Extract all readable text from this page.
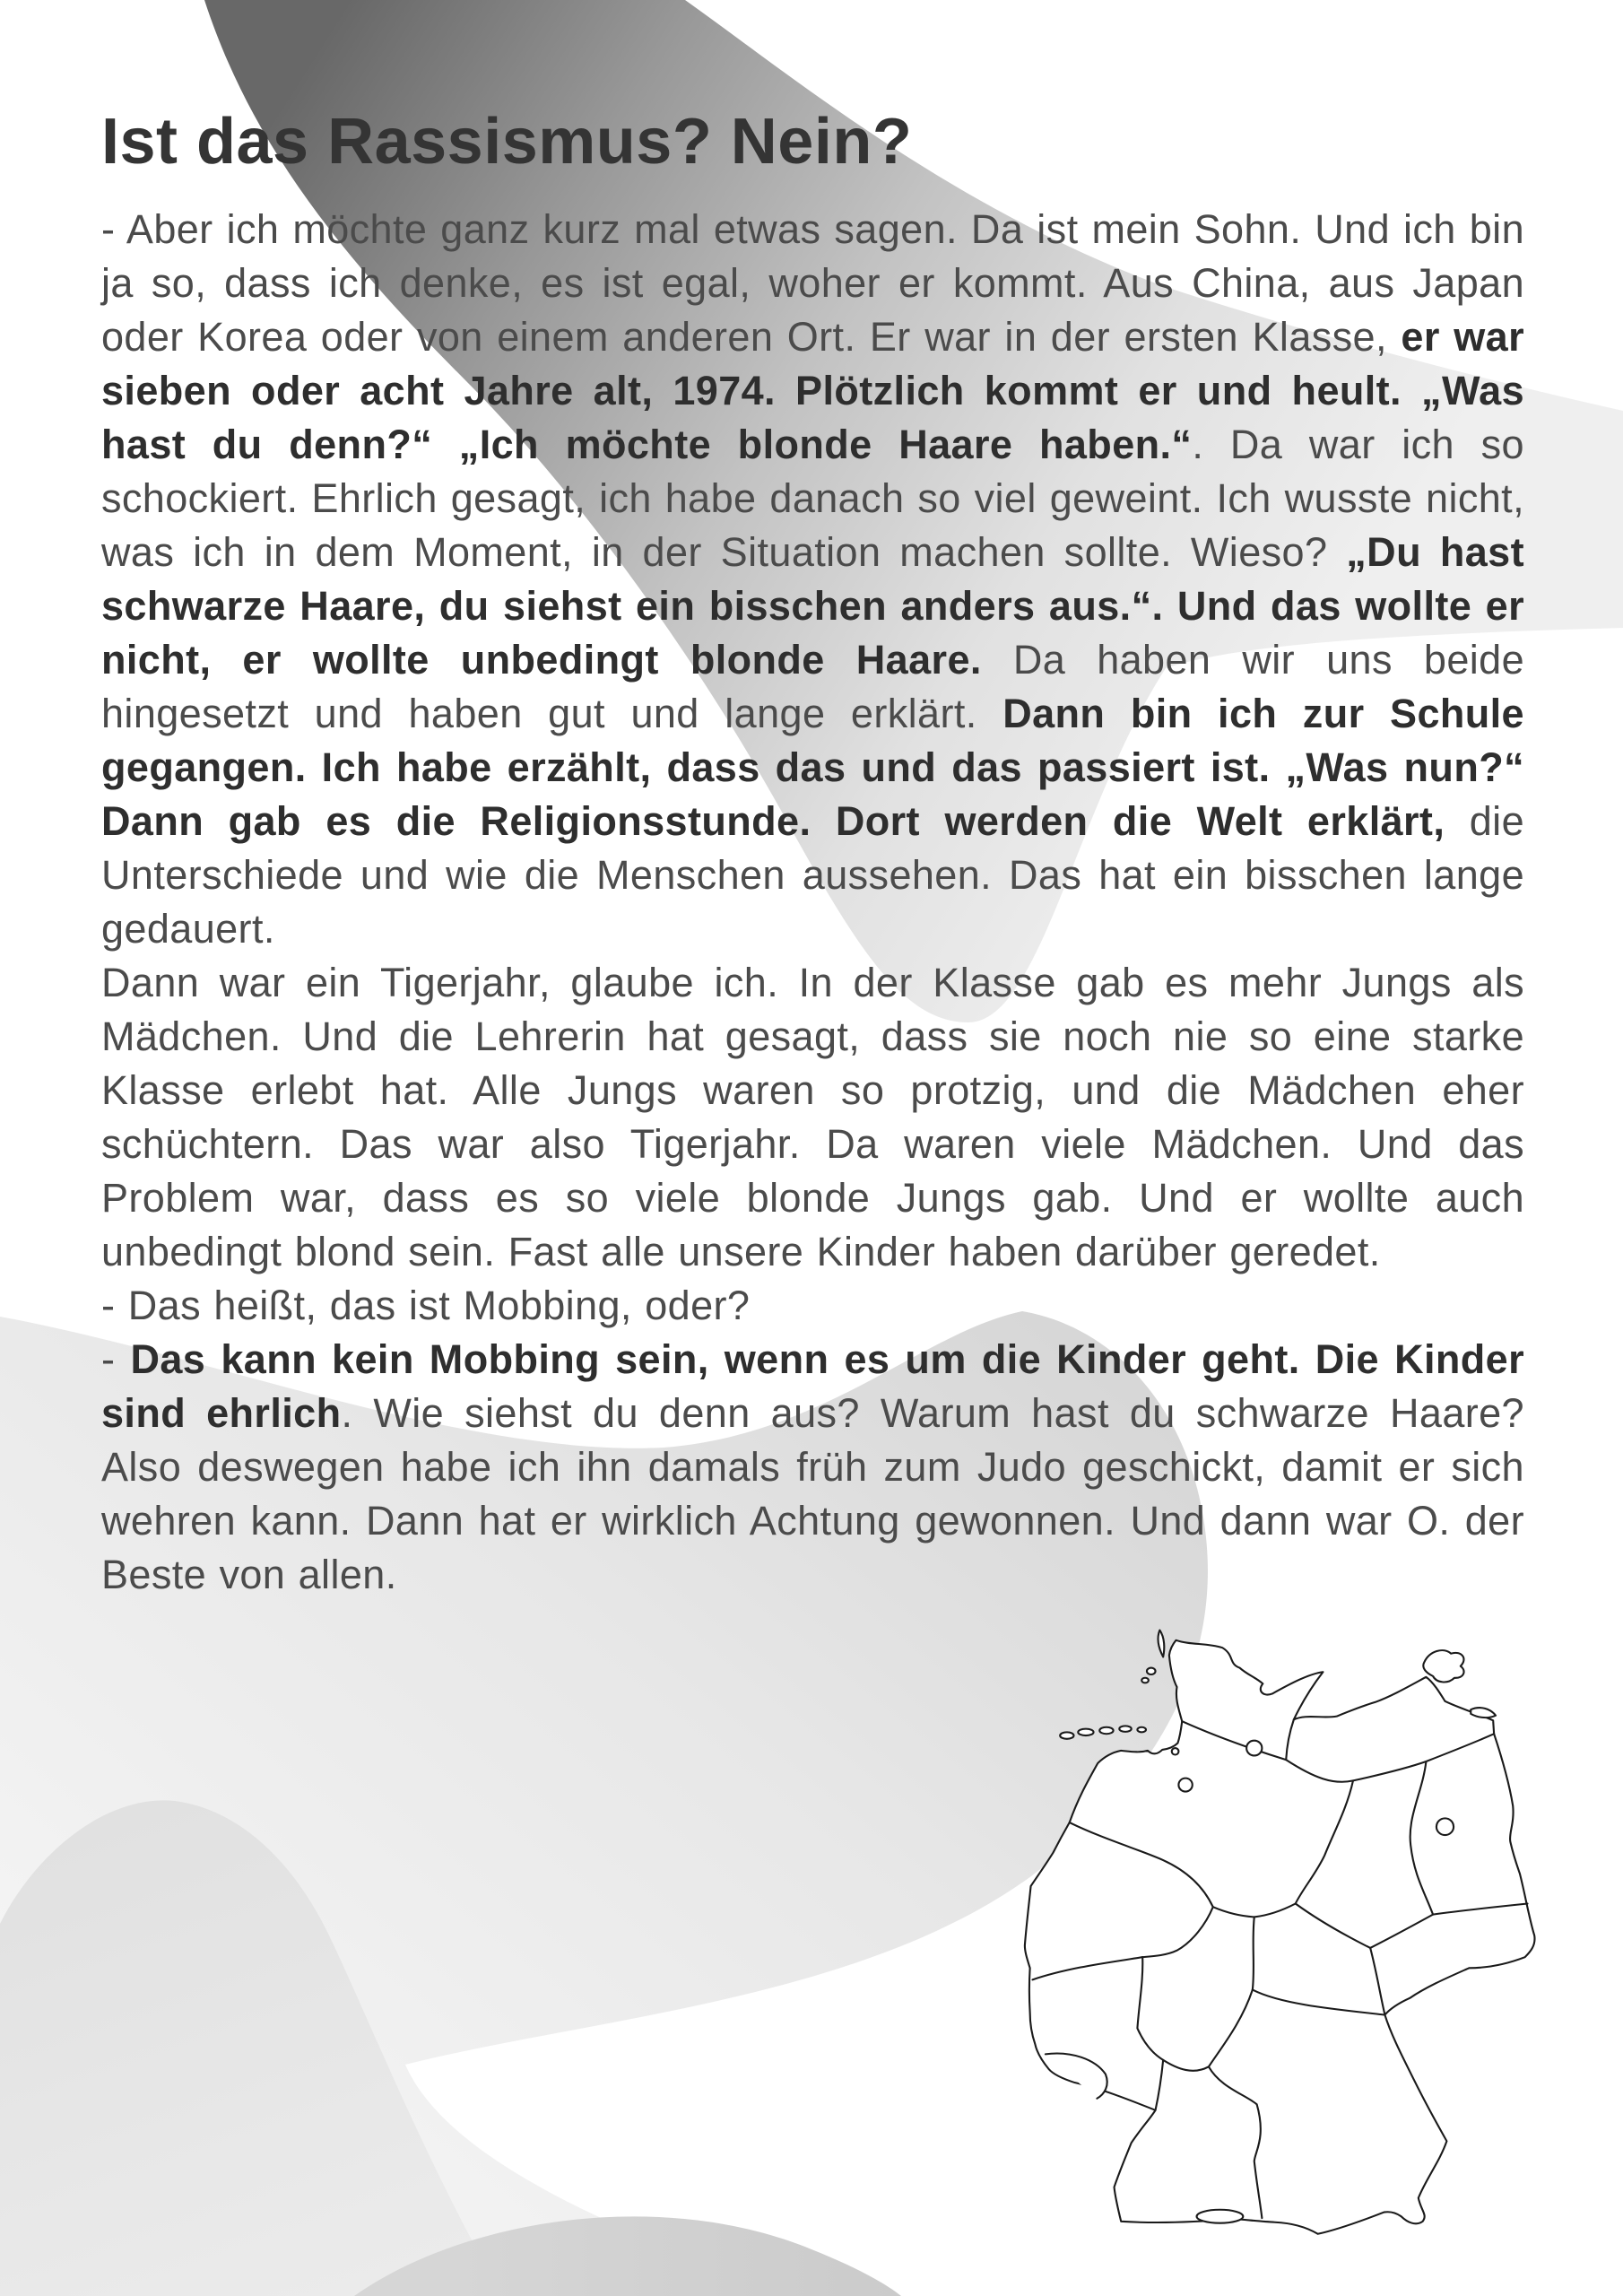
Ist das Rassismus? Nein?

- Aber ich möchte ganz kurz mal etwas sagen. Da ist mein Sohn. Und ich bin ja so, dass ich denke, es ist egal, woher er kommt. Aus China, aus Japan oder Korea oder von einem anderen Ort. Er war in der ersten Klasse, er war sieben oder acht Jahre alt, 1974. Plötzlich kommt er und heult. „Was hast du denn?“ „Ich möchte blonde Haare haben.“. Da war ich so schockiert. Ehrlich gesagt, ich habe danach so viel geweint. Ich wusste nicht, was ich in dem Moment, in der Situation machen sollte. Wieso? „Du hast schwarze Haare, du siehst ein bisschen anders aus.“. Und das wollte er nicht, er wollte unbedingt blonde Haare. Da haben wir uns beide hingesetzt und haben gut und lange erklärt. Dann bin ich zur Schule gegangen. Ich habe erzählt, dass das und das passiert ist. „Was nun?“ Dann gab es die Religionsstunde. Dort werden die Welt erklärt, die Unterschiede und wie die Menschen aussehen. Das hat ein bisschen lange gedauert.

Dann war ein Tigerjahr, glaube ich. In der Klasse gab es mehr Jungs als Mädchen. Und die Lehrerin hat gesagt, dass sie noch nie so eine starke Klasse erlebt hat. Alle Jungs waren so protzig, und die Mädchen eher schüchtern. Das war also Tigerjahr. Da waren viele Mädchen. Und das Problem war, dass es so viele blonde Jungs gab. Und er wollte auch unbedingt blond sein. Fast alle unsere Kinder haben darüber geredet.

- Das heißt, das ist Mobbing, oder?

- Das kann kein Mobbing sein, wenn es um die Kinder geht. Die Kinder sind ehrlich. Wie siehst du denn aus? Warum hast du schwarze Haare? Also deswegen habe ich ihn damals früh zum Judo geschickt, damit er sich wehren kann. Dann hat er wirklich Achtung gewonnen. Und dann war O. der Beste von allen.
